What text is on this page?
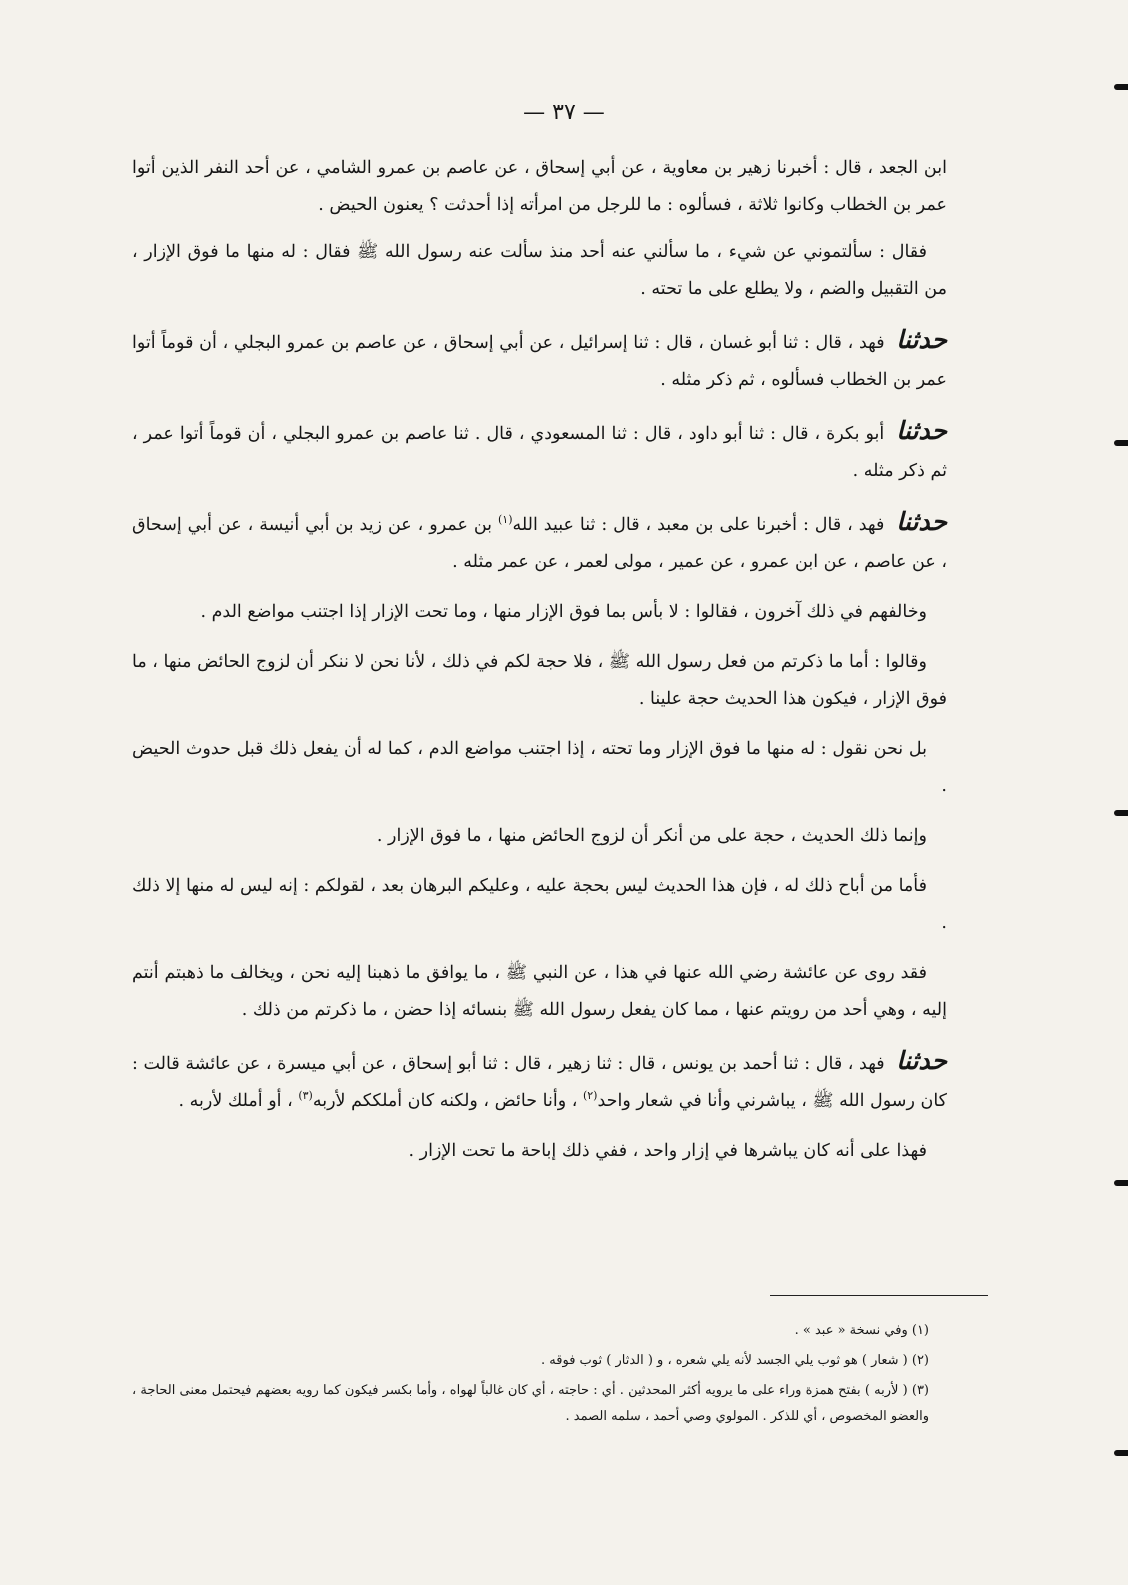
— ٣٧ —

ابن الجعد ، قال : أخبرنا زهير بن معاوية ، عن أبي إسحاق ، عن عاصم بن عمرو الشامي ، عن أحد النفر الذين أتوا عمر بن الخطاب وكانوا ثلاثة ، فسألوه : ما للرجل من امرأته إذا أحدثت ؟ يعنون الحيض .

فقال : سألتموني عن شيء ، ما سألني عنه أحد منذ سألت عنه رسول الله ﷺ فقال : له منها ما فوق الإزار ، من التقبيل والضم ، ولا يطلع على ما تحته .

حدثنا فهد ، قال : ثنا أبو غسان ، قال : ثنا إسرائيل ، عن أبي إسحاق ، عن عاصم بن عمرو البجلي ، أن قوماً أتوا عمر بن الخطاب فسألوه ، ثم ذكر مثله .

حدثنا أبو بكرة ، قال : ثنا أبو داود ، قال : ثنا المسعودي ، قال . ثنا عاصم بن عمرو البجلي ، أن قوماً أتوا عمر ، ثم ذكر مثله .

حدثنا فهد ، قال : أخبرنا على بن معبد ، قال : ثنا عبيد الله$^{(١)}$ بن عمرو ، عن زيد بن أبي أنيسة ، عن أبي إسحاق ، عن عاصم ، عن ابن عمرو ، عن عمير ، مولى لعمر ، عن عمر مثله .

وخالفهم في ذلك آخرون ، فقالوا : لا بأس بما فوق الإزار منها ، وما تحت الإزار إذا اجتنب مواضع الدم .

وقالوا : أما ما ذكرتم من فعل رسول الله ﷺ ، فلا حجة لكم في ذلك ، لأنا نحن لا ننكر أن لزوج الحائض منها ، ما فوق الإزار ، فيكون هذا الحديث حجة علينا .

بل نحن نقول : له منها ما فوق الإزار وما تحته ، إذا اجتنب مواضع الدم ، كما له أن يفعل ذلك قبل حدوث الحيض .

وإنما ذلك الحديث ، حجة على من أنكر أن لزوج الحائض منها ، ما فوق الإزار .

فأما من أباح ذلك له ، فإن هذا الحديث ليس بحجة عليه ، وعليكم البرهان بعد ، لقولكم : إنه ليس له منها إلا ذلك .

فقد روى عن عائشة رضي الله عنها في هذا ، عن النبي ﷺ ، ما يوافق ما ذهبنا إليه نحن ، ويخالف ما ذهبتم أنتم إليه ، وهي أحد من رويتم عنها ، مما كان يفعل رسول الله ﷺ بنسائه إذا حضن ، ما ذكرتم من ذلك .

حدثنا فهد ، قال : ثنا أحمد بن يونس ، قال : ثنا زهير ، قال : ثنا أبو إسحاق ، عن أبي ميسرة ، عن عائشة قالت : كان رسول الله ﷺ ، يباشرني وأنا في شعار واحد$^{(٢)}$ ، وأنا حائض ، ولكنه كان أملككم لأربه$^{(٣)}$ ، أو أملك لأربه .

فهذا على أنه كان يباشرها في إزار واحد ، ففي ذلك إباحة ما تحت الإزار .

(١) وفي نسخة « عبد » .

(٢) ( شعار ) هو ثوب يلي الجسد لأنه يلي شعره ، و ( الدثار ) ثوب فوقه .

(٣) ( لأربه ) بفتح همزة وراء على ما يرويه أكثر المحدثين . أي : حاجته ، أي كان غالباً لهواه ، وأما بكسر فيكون كما رويه بعضهم فيحتمل معنى الحاجة ، والعضو المخصوص ، أي للذكر . المولوي وصي أحمد ، سلمه الصمد .
